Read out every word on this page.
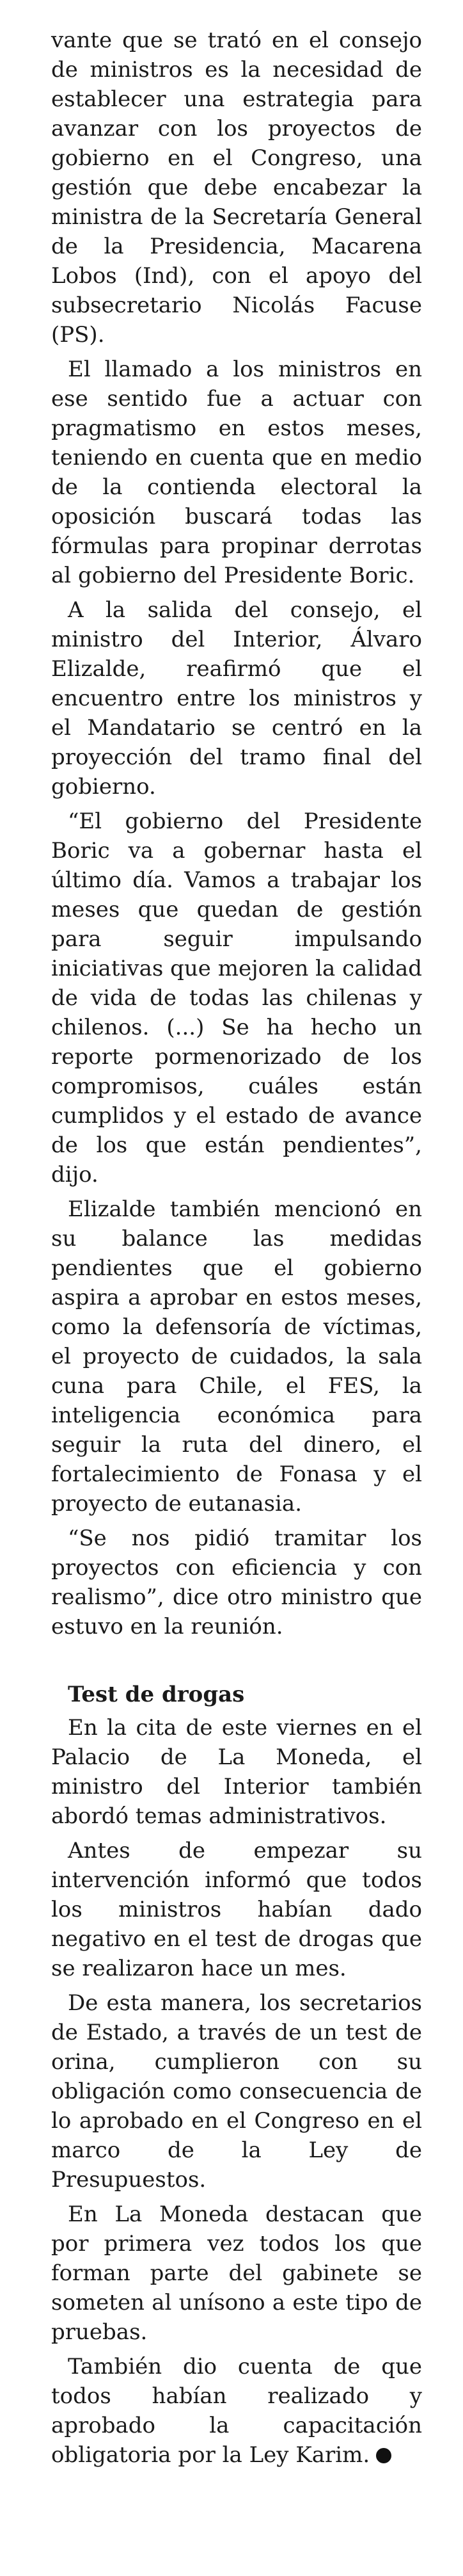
vante que se trató en el consejo de ministros es la necesidad de establecer una estrategia para avanzar con los proyectos de gobierno en el Congreso, una gestión que debe encabezar la ministra de la Secretaría General de la Presidencia, Macarena Lobos (Ind), con el apoyo del subsecretario Nicolás Facuse (PS).

El llamado a los ministros en ese sentido fue a actuar con pragmatismo en estos meses, teniendo en cuenta que en medio de la contienda electoral la oposición buscará todas las fórmulas para propinar derrotas al gobierno del Presidente Boric.

A la salida del consejo, el ministro del Interior, Álvaro Elizalde, reafirmó que el encuentro entre los ministros y el Mandatario se centró en la proyección del tramo final del gobierno.

“El gobierno del Presidente Boric va a gobernar hasta el último día. Vamos a trabajar los meses que quedan de gestión para seguir impulsando iniciativas que mejoren la calidad de vida de todas las chilenas y chilenos. (...) Se ha hecho un reporte pormenorizado de los compromisos, cuáles están cumplidos y el estado de avance de los que están pendientes”, dijo.

Elizalde también mencionó en su balance las medidas pendientes que el gobierno aspira a aprobar en estos meses, como la defensoría de víctimas, el proyecto de cuidados, la sala cuna para Chile, el FES, la inteligencia económica para seguir la ruta del dinero, el fortalecimiento de Fonasa y el proyecto de eutanasia.

“Se nos pidió tramitar los proyectos con eficiencia y con realismo”, dice otro ministro que estuvo en la reunión.

Test de drogas

En la cita de este viernes en el Palacio de La Moneda, el ministro del Interior también abordó temas administrativos.

Antes de empezar su intervención informó que todos los ministros habían dado negativo en el test de drogas que se realizaron hace un mes.

De esta manera, los secretarios de Estado, a través de un test de orina, cumplieron con su obligación como consecuencia de lo aprobado en el Congreso en el marco de la Ley de Presupuestos.

En La Moneda destacan que por primera vez todos los que forman parte del gabinete se someten al unísono a este tipo de pruebas.

También dio cuenta de que todos habían realizado y aprobado la capacitación obligatoria por la Ley Karim.
